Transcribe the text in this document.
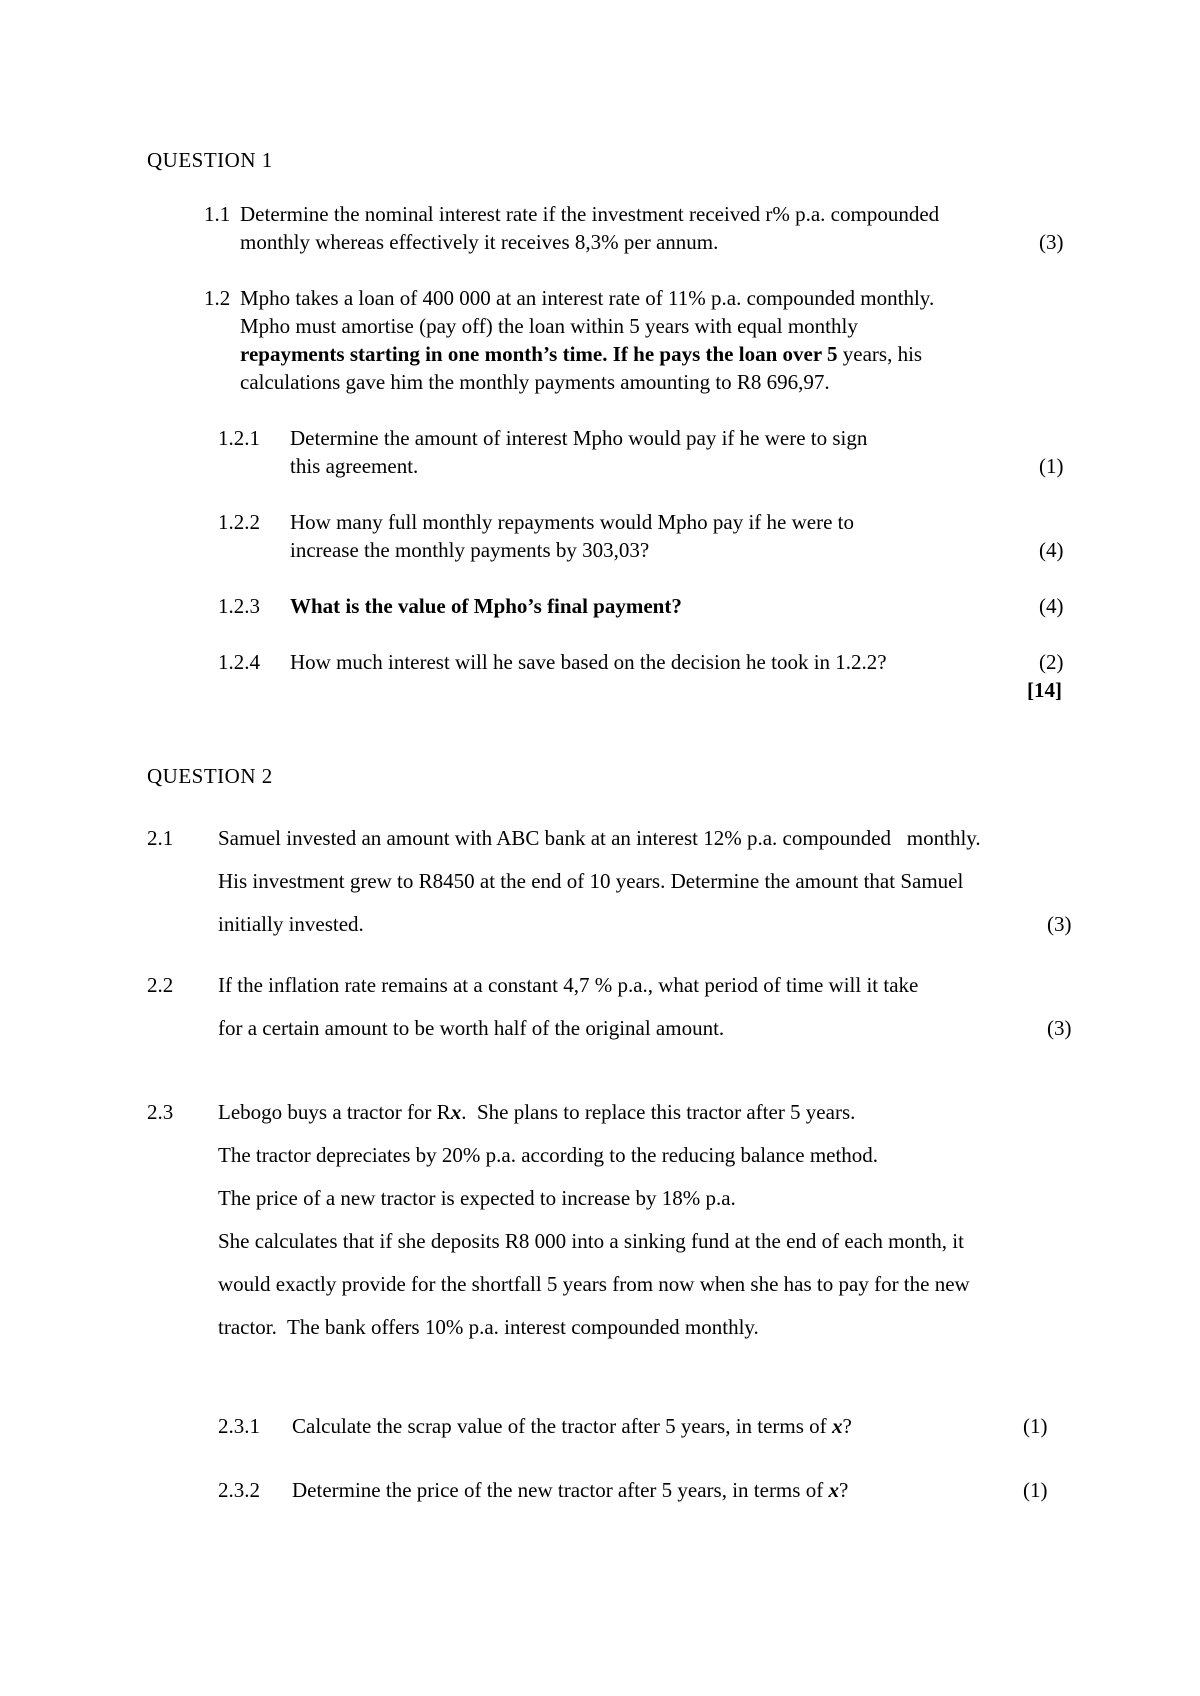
QUESTION 1
1.1 Determine the nominal interest rate if the investment received r% p.a. compounded
monthly whereas effectively it receives 8,3% per annum.	(3)
1.2 Mpho takes a loan of 400 000 at an interest rate of 11% p.a. compounded monthly.
Mpho must amortise (pay off) the loan within 5 years with equal monthly
repayments starting in one month’s time. If he pays the loan over 5 years, his
calculations gave him the monthly payments amounting to R8 696,97.
1.2.1 Determine the amount of interest Mpho would pay if he were to sign
this agreement.	(1)
1.2.2 How many full monthly repayments would Mpho pay if he were to
increase the monthly payments by 303,03?	(4)
1.2.3 What is the value of Mpho’s final payment?	(4)
1.2.4 How much interest will he save based on the decision he took in 1.2.2?	(2)
[14]
QUESTION 2
2.1 Samuel invested an amount with ABC bank at an interest 12% p.a. compounded   monthly.
His investment grew to R8450 at the end of 10 years. Determine the amount that Samuel
initially invested.	(3)
2.2 If the inflation rate remains at a constant 4,7 % p.a., what period of time will it take
for a certain amount to be worth half of the original amount.	(3)
2.3 Lebogo buys a tractor for Rx.  She plans to replace this tractor after 5 years.
The tractor depreciates by 20% p.a. according to the reducing balance method.
The price of a new tractor is expected to increase by 18% p.a.
She calculates that if she deposits R8 000 into a sinking fund at the end of each month, it
would exactly provide for the shortfall 5 years from now when she has to pay for the new
tractor.  The bank offers 10% p.a. interest compounded monthly.
2.3.1 Calculate the scrap value of the tractor after 5 years, in terms of x?	(1)
2.3.2 Determine the price of the new tractor after 5 years, in terms of x?	(1)
